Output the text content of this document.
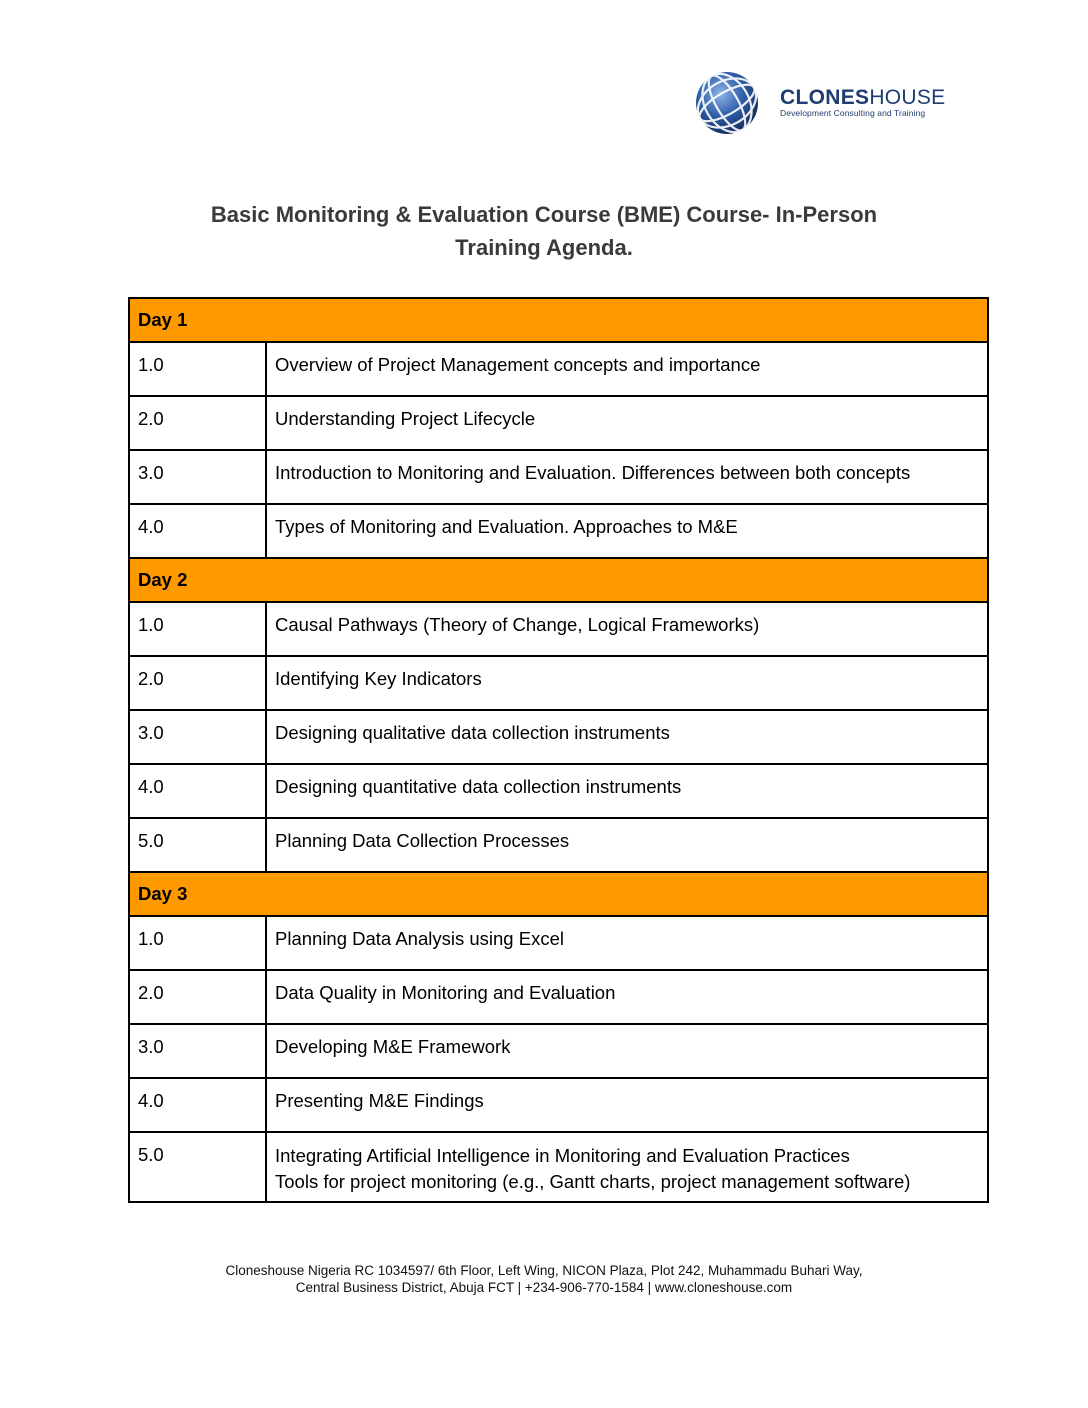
CLONESHOUSE
Development Consulting and Training
Basic Monitoring & Evaluation Course (BME) Course- In-Person
Training Agenda.
Day 1	
1.0	Overview of Project Management concepts and importance
2.0	Understanding Project Lifecycle
3.0	Introduction to Monitoring and Evaluation. Differences between both concepts
4.0	Types of Monitoring and Evaluation. Approaches to M&E
Day 2	
1.0	Causal Pathways (Theory of Change, Logical Frameworks)
2.0	Identifying Key Indicators
3.0	Designing qualitative data collection instruments
4.0	Designing quantitative data collection instruments
5.0	Planning Data Collection Processes
Day 3	
1.0	Planning Data Analysis using Excel
2.0	Data Quality in Monitoring and Evaluation
3.0	Developing M&E Framework
4.0	Presenting M&E Findings
5.0	Integrating Artificial Intelligence in Monitoring and Evaluation Practices
Tools for project monitoring (e.g., Gantt charts, project management software)
Cloneshouse Nigeria RC 1034597/ 6th Floor, Left Wing, NICON Plaza, Plot 242, Muhammadu Buhari Way,
Central Business District, Abuja FCT | +234-906-770-1584 | www.cloneshouse.com
